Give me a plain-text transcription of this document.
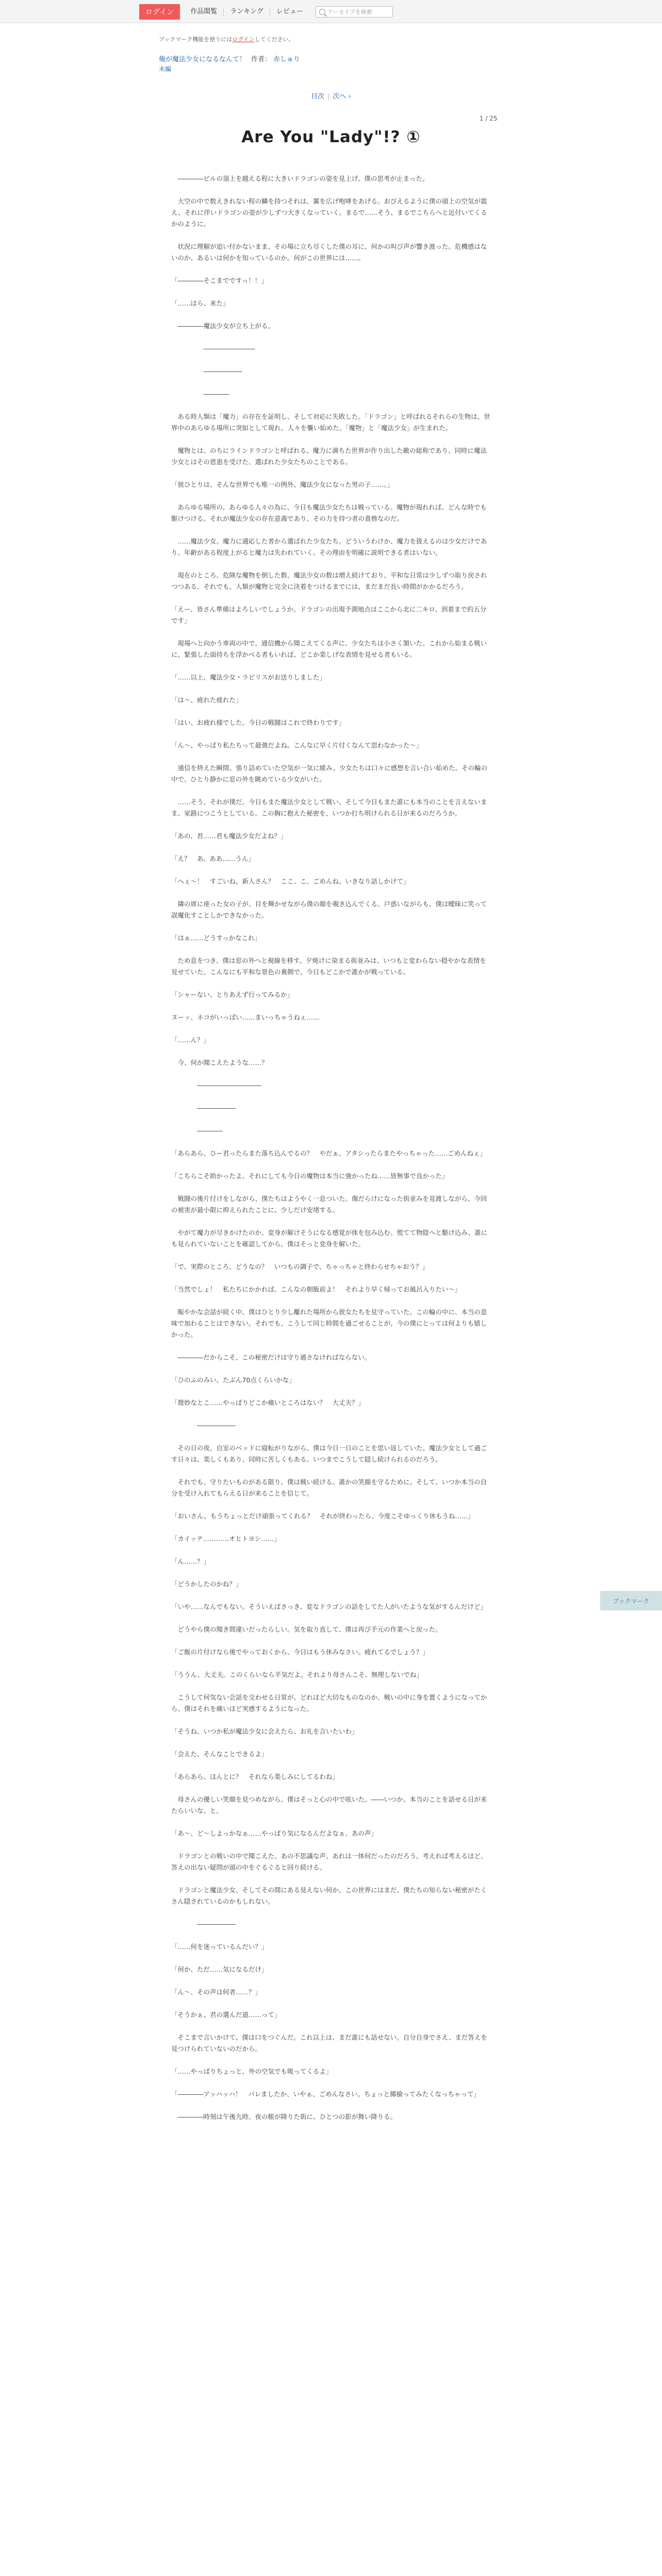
ログイン	作品閲覧	ランキング	レビュー	アーカイブを検索
ブックマーク機能を使うにはログインしてください。
俺が魔法少女になるなんて！ 作者： 赤しゅり
未編
目次 | 次へ ›
1 / 25
Are You "Lady"!? ①

　――――ビルの頂上を越える程に大きいドラゴンの姿を見上げ、僕の思考が止まった。

　大空の中で数えきれない程の鱗を持つそれは、翼を広げ咆哮をあげる。おびえるように僕の頭上の空気が震え、それに伴いドラゴンの姿が少しずつ大きくなっていく。まるで……そう、まるでこちらへと近付いてくるかのように。

　状況に理解が追い付かないまま、その場に立ち尽くした僕の耳に、何かの叫び声が響き渡った。危機感はないのか、あるいは何かを知っているのか。何がこの世界には……。

「――――そこまでですっ！！」

「……ほら、来た」

　――――魔法少女が立ち上がる。

　　　　　――――――――

　　　　　――――――

　　　　　――――

　ある時人類は「魔力」の存在を証明し、そして対応に失敗した。「ドラゴン」と呼ばれるそれらの生物は、世界中のあらゆる場所に突如として現れ、人々を襲い始めた。「魔物」と「魔法少女」が生まれた。

　魔物とは、のちにラインドラゴンと呼ばれる、魔力に満ちた世界が作り出した敵の総称であり、同時に魔法少女とはその恩恵を受けた、選ばれた少女たちのことである。

「彼ひとりは、そんな世界でも唯一の例外、魔法少女になった男の子……。」

　あらゆる場所の、あらゆる人々の為に、今日も魔法少女たちは戦っている。魔物が現れれば、どんな時でも駆けつける。それが魔法少女の存在意義であり、その力を持つ者の責務なのだ。

　……魔法少女。魔力に適応した者から選ばれた少女たち。どういうわけか、魔力を扱えるのは少女だけであり、年齢がある程度上がると魔力は失われていく。その理由を明確に説明できる者はいない。

　現在のところ、危険な魔物を倒した数、魔法少女の数は増え続けており、平和な日常は少しずつ取り戻されつつある。それでも、人類が魔物と完全に決着をつけるまでには、まだまだ長い時間がかかるだろう。

「えー、皆さん準備はよろしいでしょうか。ドラゴンの出現予測地点はここから北に二キロ、到着まで約五分です」

　現場へと向かう車両の中で、通信機から聞こえてくる声に、少女たちは小さく頷いた。これから始まる戦いに、緊張した面持ちを浮かべる者もいれば、どこか楽しげな表情を見せる者もいる。

「……以上、魔法少女・ラビリスがお送りしました」

「は～、疲れた疲れた」

「はい、お疲れ様でした。今日の戦闘はこれで終わりです」

「ん～、やっぱり私たちって最強だよね。こんなに早く片付くなんて思わなかった～」

　通信を終えた瞬間、張り詰めていた空気が一気に緩み、少女たちは口々に感想を言い合い始めた。その輪の中で、ひとり静かに窓の外を眺めている少女がいた。

　……そう、それが僕だ。今日もまた魔法少女として戦い、そして今日もまた誰にも本当のことを言えないまま、家路につこうとしている。この胸に抱えた秘密を、いつか打ち明けられる日が来るのだろうか。

「あの、君……君も魔法少女だよね？」

「え？　あ、ああ……うん」

「へぇ～！　すごいね、新人さん？　ここ、こ、ごめんね、いきなり話しかけて」

　隣の席に座った女の子が、目を輝かせながら僕の顔を覗き込んでくる。戸惑いながらも、僕は曖昧に笑って誤魔化すことしかできなかった。

「はぁ……どうすっかなこれ」

　ため息をつき、僕は窓の外へと視線を移す。夕焼けに染まる街並みは、いつもと変わらない穏やかな表情を見せていた。こんなにも平和な景色の裏側で、今日もどこかで誰かが戦っている。

「シャーない、とりあえず行ってみるか」

ヌーッ、ネコがいっぱい……まいっちゃうねぇ……

「……ん？」

　今、何か聞こえたような……？

　　　　――――――――――

　　　　――――――

　　　　――――

「あらあら、ひー君ったらまた落ち込んでるの？　やだぁ、アタシったらまたやっちゃった……ごめんねぇ」

「こちらこそ助かったよ。それにしても今日の魔物は本当に強かったね……皆無事で良かった」

　戦闘の後片付けをしながら、僕たちはようやく一息ついた。傷だらけになった街並みを見渡しながら、今回の被害が最小限に抑えられたことに、少しだけ安堵する。

　やがて魔力が尽きかけたのか、変身が解けそうになる感覚が体を包み込む。慌てて物陰へと駆け込み、誰にも見られていないことを確認してから、僕はそっと変身を解いた。

「で、実際のところ、どうなの？　いつもの調子で、ちゃっちゃと終わらせちゃおう？」

「当然でしょ！　私たちにかかれば、こんなの朝飯前よ！　それより早く帰ってお風呂入りたい～」

　賑やかな会話が続く中、僕はひとり少し離れた場所から彼女たちを見守っていた。この輪の中に、本当の意味で加わることはできない。それでも、こうして同じ時間を過ごせることが、今の僕にとっては何よりも嬉しかった。

　――――だからこそ、この秘密だけは守り通さなければならない。

「ひのふのみい、たぶん70点くらいかな」

「微妙なとこ……やっぱりどこか痛いところはない？　大丈夫？」

　　　　――――――

　その日の夜、自室のベッドに寝転がりながら、僕は今日一日のことを思い返していた。魔法少女として過ごす日々は、楽しくもあり、同時に苦しくもある。いつまでこうして隠し続けられるのだろう。

　それでも、守りたいものがある限り、僕は戦い続ける。誰かの笑顔を守るために。そして、いつか本当の自分を受け入れてもらえる日が来ることを信じて。

「おいさん、もうちょっとだけ頑張ってくれる？　それが終わったら、今度こそゆっくり休もうね……」

「カイッテ…………オヒトヨシ……」

「ん……？」

「どうかしたのかね？」

「いや……なんでもない。そういえばさっき、変なドラゴンの話をしてた人がいたような気がするんだけど」

　どうやら僕の聞き間違いだったらしい。気を取り直して、僕は再び手元の作業へと戻った。

「ご飯の片付けなら後でやっておくから、今日はもう休みなさい。疲れてるでしょう？」

「ううん、大丈夫。このくらいなら平気だよ。それより母さんこそ、無理しないでね」

　こうして何気ない会話を交わせる日常が、どれほど大切なものなのか。戦いの中に身を置くようになってから、僕はそれを痛いほど実感するようになった。

「そうね、いつか私が魔法少女に会えたら、お礼を言いたいわ」

「会えた、そんなことできるよ」

「あらあら、ほんとに？　それなら楽しみにしてるわね」

　母さんの優しい笑顔を見つめながら、僕はそっと心の中で呟いた。――いつか、本当のことを話せる日が来たらいいな、と。

「あ～、ど～しよっかなぁ……やっぱり気になるんだよなぁ、あの声」

　ドラゴンとの戦いの中で聞こえた、あの不思議な声。あれは一体何だったのだろう。考えれば考えるほど、答えの出ない疑問が頭の中をぐるぐると回り続ける。

　ドラゴンと魔法少女、そしてその間にある見えない何か。この世界にはまだ、僕たちの知らない秘密がたくさん隠されているのかもしれない。

　　　　――――――

「……何を迷っているんだい？」

「何か、ただ……気になるだけ」

「ん～、その声は何者……？」

「そうかぁ、君の選んだ道……って」

　そこまで言いかけて、僕は口をつぐんだ。これ以上は、まだ誰にも話せない。自分自身でさえ、まだ答えを見つけられていないのだから。

「……やっぱりちょっと、外の空気でも吸ってくるよ」

「――――アッハッハ！　バレましたか、いやぁ、ごめんなさい。ちょっと揶揄ってみたくなっちゃって」

　――――時刻は午後九時。夜の帳が降りた街に、ひとつの影が舞い降りる。

ブックマーク
